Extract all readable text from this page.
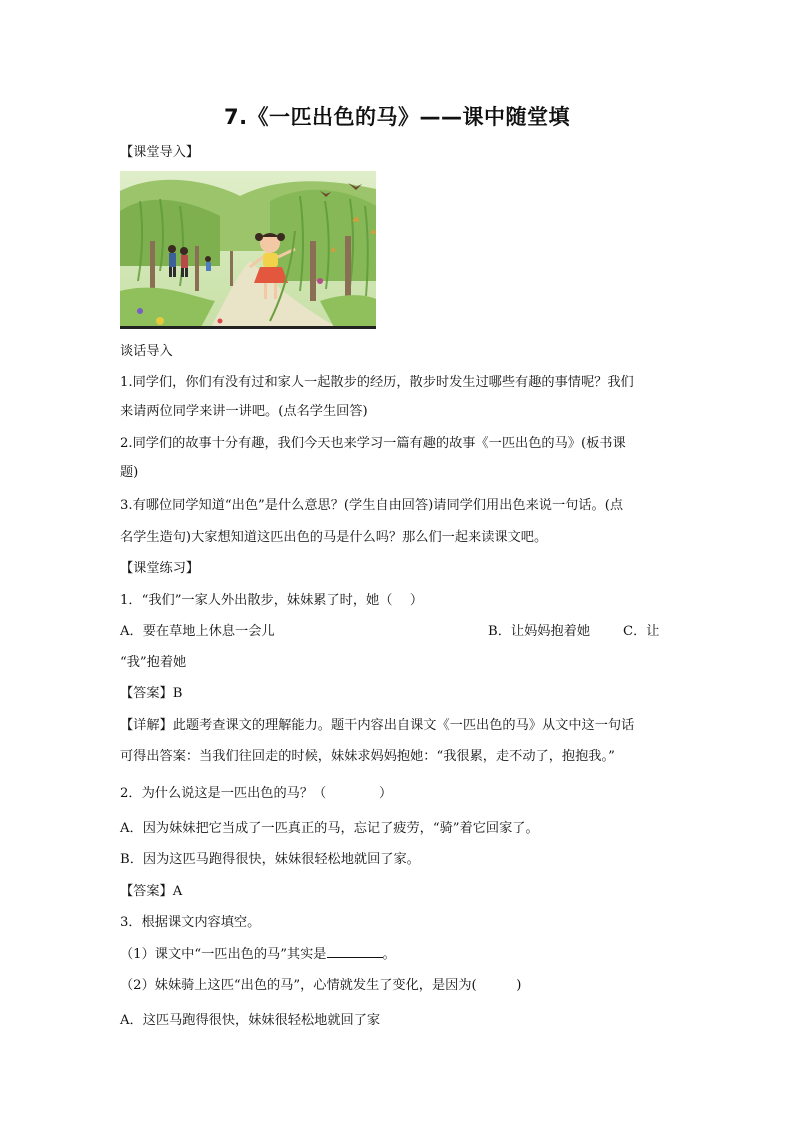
7.《一匹出色的马》——课中随堂填
【课堂导入】
谈话导入
1.同学们，你们有没有过和家人一起散步的经历，散步时发生过哪些有趣的事情呢？我们
来请两位同学来讲一讲吧。(点名学生回答)
2.同学们的故事十分有趣，我们今天也来学习一篇有趣的故事《一匹出色的马》(板书课
题)
3.有哪位同学知道“出色”是什么意思？(学生自由回答)请同学们用出色来说一句话。(点
名学生造句)大家想知道这匹出色的马是什么吗？那么们一起来读课文吧。
【课堂练习】
1．“我们”一家人外出散步，妹妹累了时，她（　 ）
A．要在草地上休息一会儿	B．让妈妈抱着她 C．让
“我”抱着她
【答案】B
【详解】此题考查课文的理解能力。题干内容出自课文《一匹出色的马》从文中这一句话
可得出答案：当我们往回走的时候，妹妹求妈妈抱她：“我很累，走不动了，抱抱我。”
2．为什么说这是一匹出色的马？（　　　　）
A．因为妹妹把它当成了一匹真正的马，忘记了疲劳，“骑”着它回家了。
B．因为这匹马跑得很快，妹妹很轻松地就回了家。
【答案】A
3．根据课文内容填空。
（1）课文中“一匹出色的马”其实是	。
（2）妹妹骑上这匹“出色的马”，心情就发生了变化，是因为(　　　)
A．这匹马跑得很快，妹妹很轻松地就回了家
